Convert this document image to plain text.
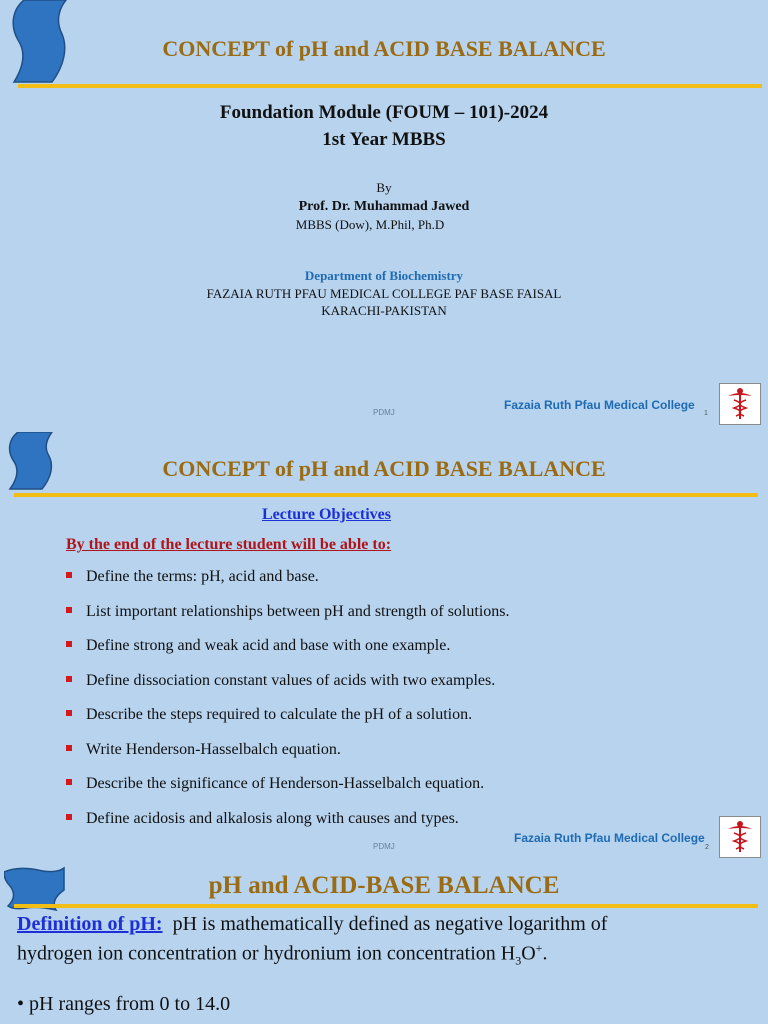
CONCEPT of pH and ACID BASE BALANCE
Foundation Module (FOUM – 101)-2024
1st Year MBBS
By
Prof. Dr. Muhammad Jawed
MBBS (Dow), M.Phil, Ph.D
Department of Biochemistry
FAZAIA RUTH PFAU MEDICAL COLLEGE PAF BASE FAISAL
KARACHI-PAKISTAN
PDMJ
Fazaia Ruth Pfau Medical College
1
CONCEPT of pH and ACID BASE BALANCE
Lecture Objectives
By the end of the lecture student will be able to:
Define the terms: pH, acid and base.
List important relationships between pH and strength of solutions.
Define strong and weak acid and base with one example.
Define dissociation constant values of acids with two examples.
Describe the steps required to calculate the pH of a solution.
Write Henderson-Hasselbalch equation.
Describe the significance of Henderson-Hasselbalch equation.
Define acidosis and alkalosis along with causes and types.
PDMJ
Fazaia Ruth Pfau Medical College
2
pH and ACID-BASE BALANCE
Definition of pH: pH is mathematically defined as negative logarithm of
hydrogen ion concentration or hydronium ion concentration $H_3O^+$.
• pH ranges from 0 to 14.0
